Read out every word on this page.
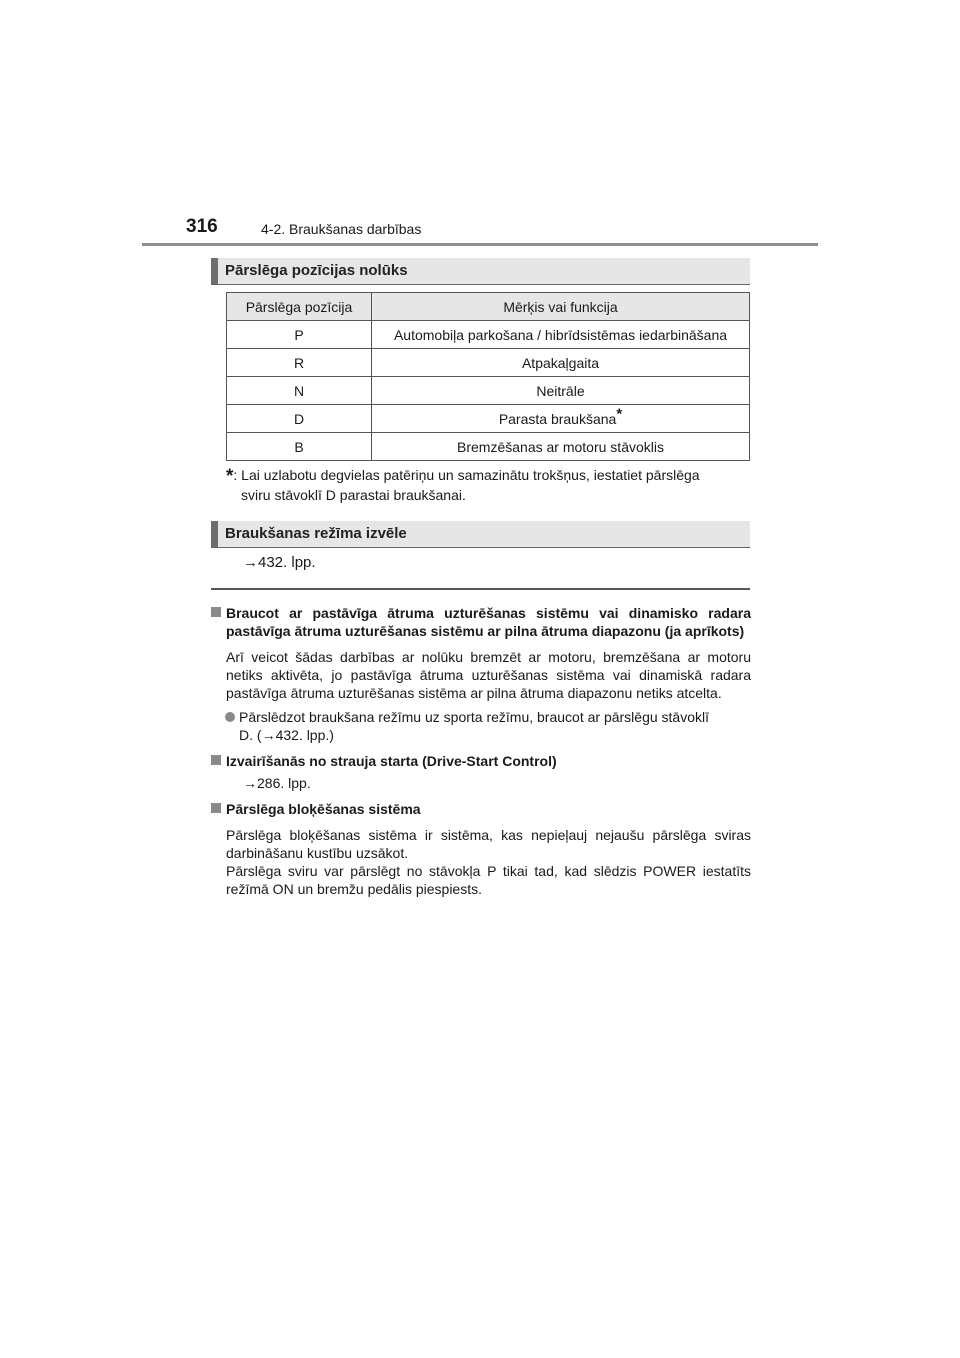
316	4-2. Braukšanas darbības
Pārslēga pozīcijas nolūks
Pārslēga pozīcija	Mērķis vai funkcija
P	Automobiļa parkošana / hibrīdsistēmas iedarbināšana
R	Atpakaļgaita
N	Neitrāle
D	Parasta braukšana*
B	Bremzēšanas ar motoru stāvoklis
*: Lai uzlabotu degvielas patēriņu un samazinātu trokšņus, iestatiet pārslēga
sviru stāvoklī D parastai braukšanai.
Braukšanas režīma izvēle
→432. lpp.
Braucot ar pastāvīga ātruma uzturēšanas sistēmu vai dinamisko radara pastāvīga ātruma uzturēšanas sistēmu ar pilna ātruma diapazonu (ja aprīkots)
Arī veicot šādas darbības ar nolūku bremzēt ar motoru, bremzēšana ar motoru netiks aktivēta, jo pastāvīga ātruma uzturēšanas sistēma vai dinamiskā radara pastāvīga ātruma uzturēšanas sistēma ar pilna ātruma diapazonu netiks atcelta.
Pārslēdzot braukšana režīmu uz sporta režīmu, braucot ar pārslēgu stāvoklī
D. (→432. lpp.)
Izvairīšanās no strauja starta (Drive-Start Control)
→286. lpp.
Pārslēga bloķēšanas sistēma
Pārslēga bloķēšanas sistēma ir sistēma, kas nepieļauj nejaušu pārslēga sviras darbināšanu kustību uzsākot.
Pārslēga sviru var pārslēgt no stāvokļa P tikai tad, kad slēdzis POWER iestatīts režīmā ON un bremžu pedālis piespiests.
